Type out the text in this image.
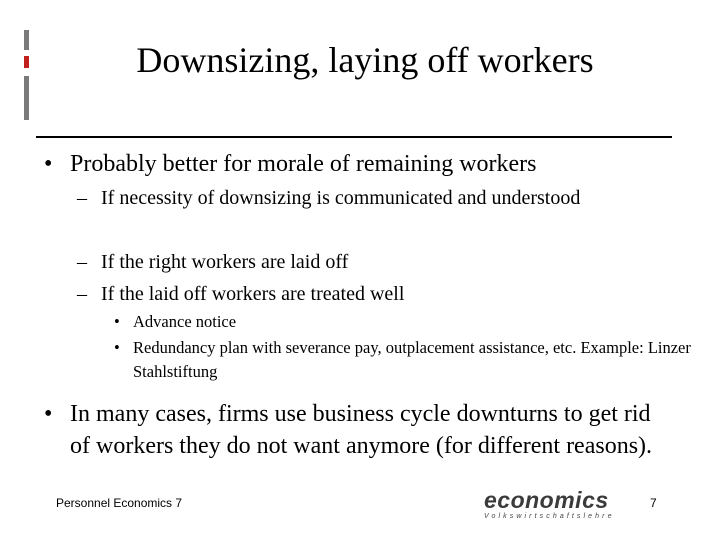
Downsizing, laying off workers
• Probably better for morale of remaining workers
– If necessity of downsizing is communicated and understood
– If the right workers are laid off
– If the laid off workers are treated well
• Advance notice
• Redundancy plan with severance pay, outplacement assistance, etc. Example: Linzer Stahlstiftung
• In many cases, firms use business cycle downturns to get rid of workers they do not want anymore (for different reasons).
Personnel Economics 7	economics
Volkswirtschaftslehre
7
